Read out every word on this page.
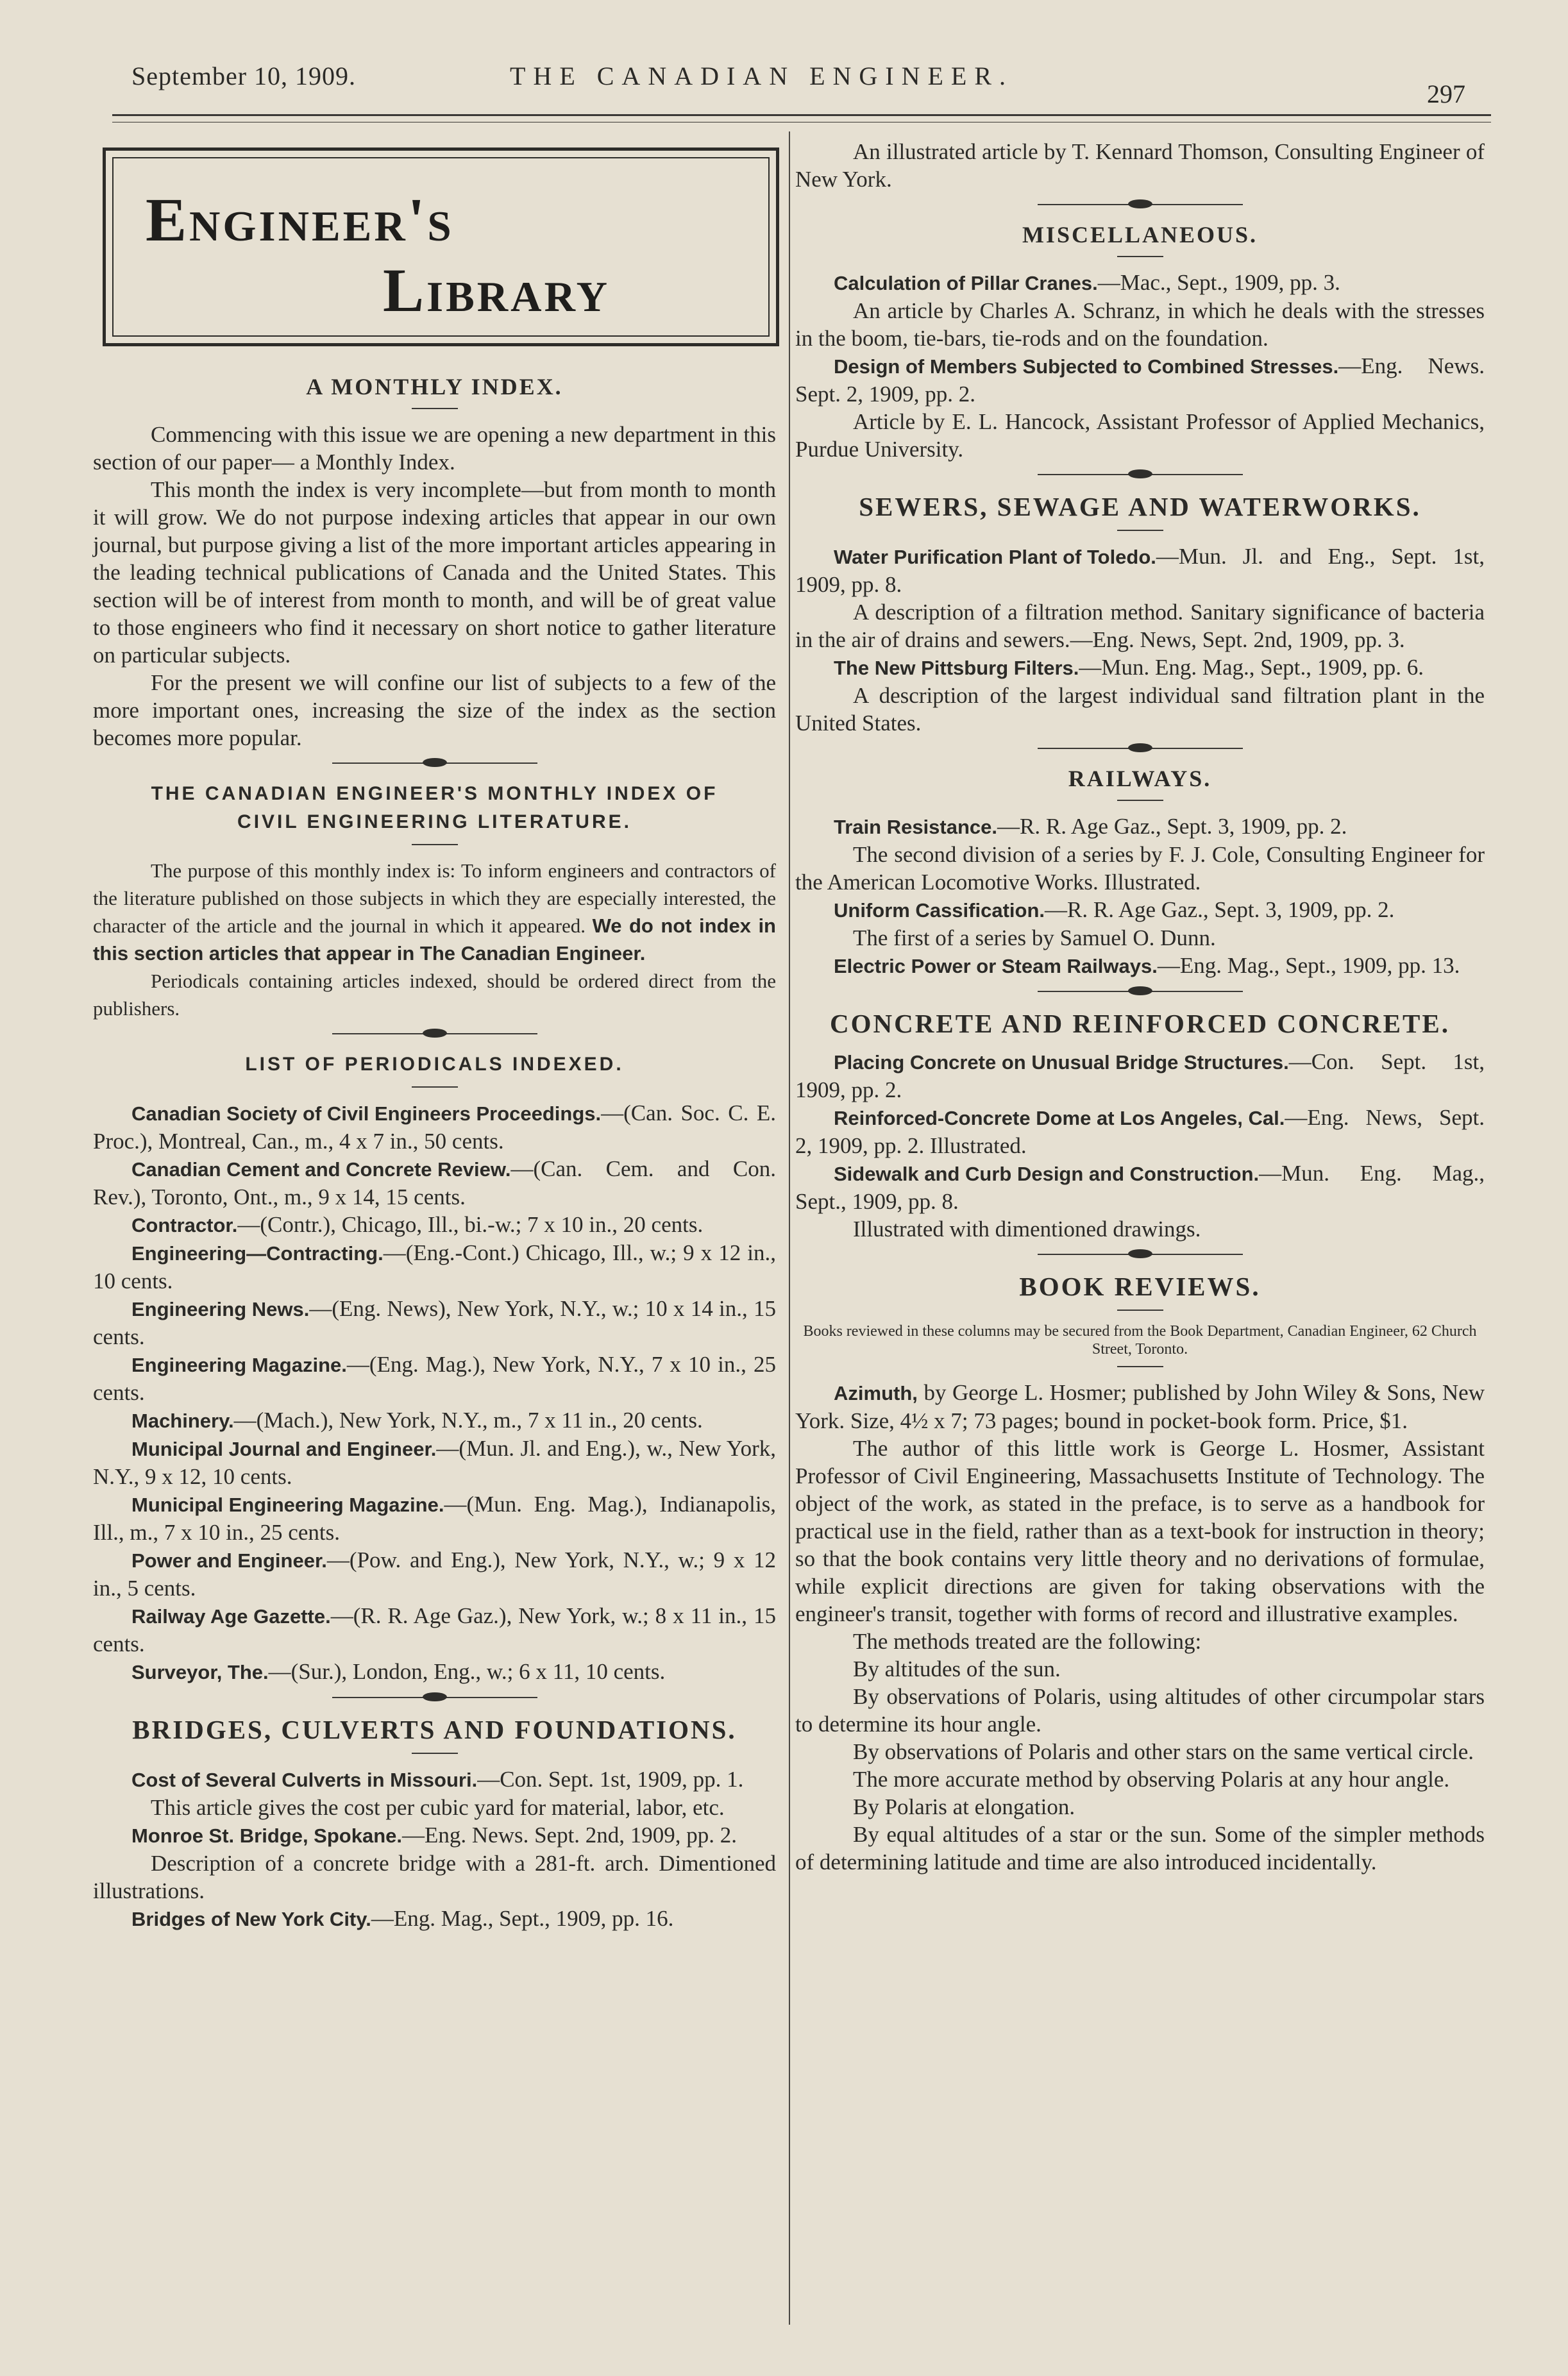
September 10, 1909.	THE CANADIAN ENGINEER.
297
Engineer's
Library
A MONTHLY INDEX.

Commencing with this issue we are opening a new department in this section of our paper— a Monthly Index.

This month the index is very incomplete—but from month to month it will grow. We do not purpose indexing articles that appear in our own journal, but purpose giving a list of the more important articles appearing in the leading technical publications of Canada and the United States. This section will be of interest from month to month, and will be of great value to those engineers who find it necessary on short notice to gather literature on particular subjects.

For the present we will confine our list of subjects to a few of the more important ones, increasing the size of the index as the section becomes more popular.

THE CANADIAN ENGINEER'S MONTHLY INDEX OF
CIVIL ENGINEERING LITERATURE.

The purpose of this monthly index is: To inform engineers and contractors of the literature published on those subjects in which they are especially interested, the character of the article and the journal in which it appeared. We do not index in this section articles that appear in The Canadian Engineer.

Periodicals containing articles indexed, should be ordered direct from the publishers.

LIST OF PERIODICALS INDEXED.

Canadian Society of Civil Engineers Proceedings.—(Can. Soc. C. E. Proc.), Montreal, Can., m., 4 x 7 in., 50 cents.

Canadian Cement and Concrete Review.—(Can. Cem. and Con. Rev.), Toronto, Ont., m., 9 x 14, 15 cents.

Contractor.—(Contr.), Chicago, Ill., bi.-w.; 7 x 10 in., 20 cents.

Engineering—Contracting.—(Eng.-Cont.) Chicago, Ill., w.; 9 x 12 in., 10 cents.

Engineering News.—(Eng. News), New York, N.Y., w.; 10 x 14 in., 15 cents.

Engineering Magazine.—(Eng. Mag.), New York, N.Y., 7 x 10 in., 25 cents.

Machinery.—(Mach.), New York, N.Y., m., 7 x 11 in., 20 cents.

Municipal Journal and Engineer.—(Mun. Jl. and Eng.), w., New York, N.Y., 9 x 12, 10 cents.

Municipal Engineering Magazine.—(Mun. Eng. Mag.), Indianapolis, Ill., m., 7 x 10 in., 25 cents.

Power and Engineer.—(Pow. and Eng.), New York, N.Y., w.; 9 x 12 in., 5 cents.

Railway Age Gazette.—(R. R. Age Gaz.), New York, w.; 8 x 11 in., 15 cents.

Surveyor, The.—(Sur.), London, Eng., w.; 6 x 11, 10 cents.

BRIDGES, CULVERTS AND FOUNDATIONS.

Cost of Several Culverts in Missouri.—Con. Sept. 1st, 1909, pp. 1.

This article gives the cost per cubic yard for material, labor, etc.

Monroe St. Bridge, Spokane.—Eng. News. Sept. 2nd, 1909, pp. 2.

Description of a concrete bridge with a 281-ft. arch. Dimentioned illustrations.

Bridges of New York City.—Eng. Mag., Sept., 1909, pp. 16.

An illustrated article by T. Kennard Thomson, Consulting Engineer of New York.

MISCELLANEOUS.

Calculation of Pillar Cranes.—Mac., Sept., 1909, pp. 3.

An article by Charles A. Schranz, in which he deals with the stresses in the boom, tie-bars, tie-rods and on the foundation.

Design of Members Subjected to Combined Stresses.—Eng. News. Sept. 2, 1909, pp. 2.

Article by E. L. Hancock, Assistant Professor of Applied Mechanics, Purdue University.

SEWERS, SEWAGE AND WATERWORKS.

Water Purification Plant of Toledo.—Mun. Jl. and Eng., Sept. 1st, 1909, pp. 8.

A description of a filtration method. Sanitary significance of bacteria in the air of drains and sewers.—Eng. News, Sept. 2nd, 1909, pp. 3.

The New Pittsburg Filters.—Mun. Eng. Mag., Sept., 1909, pp. 6.

A description of the largest individual sand filtration plant in the United States.

RAILWAYS.

Train Resistance.—R. R. Age Gaz., Sept. 3, 1909, pp. 2.

The second division of a series by F. J. Cole, Consulting Engineer for the American Locomotive Works. Illustrated.

Uniform Cassification.—R. R. Age Gaz., Sept. 3, 1909, pp. 2.

The first of a series by Samuel O. Dunn.

Electric Power or Steam Railways.—Eng. Mag., Sept., 1909, pp. 13.

CONCRETE AND REINFORCED CONCRETE.

Placing Concrete on Unusual Bridge Structures.—Con. Sept. 1st, 1909, pp. 2.

Reinforced-Concrete Dome at Los Angeles, Cal.—Eng. News, Sept. 2, 1909, pp. 2. Illustrated.

Sidewalk and Curb Design and Construction.—Mun. Eng. Mag., Sept., 1909, pp. 8.

Illustrated with dimentioned drawings.

BOOK REVIEWS.

Books reviewed in these columns may be secured from the Book Department, Canadian Engineer, 62 Church Street, Toronto.

Azimuth, by George L. Hosmer; published by John Wiley & Sons, New York. Size, 4½ x 7; 73 pages; bound in pocket-book form. Price, $1.

The author of this little work is George L. Hosmer, Assistant Professor of Civil Engineering, Massachusetts Institute of Technology. The object of the work, as stated in the preface, is to serve as a handbook for practical use in the field, rather than as a text-book for instruction in theory; so that the book contains very little theory and no derivations of formulae, while explicit directions are given for taking observations with the engineer's transit, together with forms of record and illustrative examples.

The methods treated are the following:

By altitudes of the sun.

By observations of Polaris, using altitudes of other circumpolar stars to determine its hour angle.

By observations of Polaris and other stars on the same vertical circle.

The more accurate method by observing Polaris at any hour angle.

By Polaris at elongation.

By equal altitudes of a star or the sun. Some of the simpler methods of determining latitude and time are also introduced incidentally.
